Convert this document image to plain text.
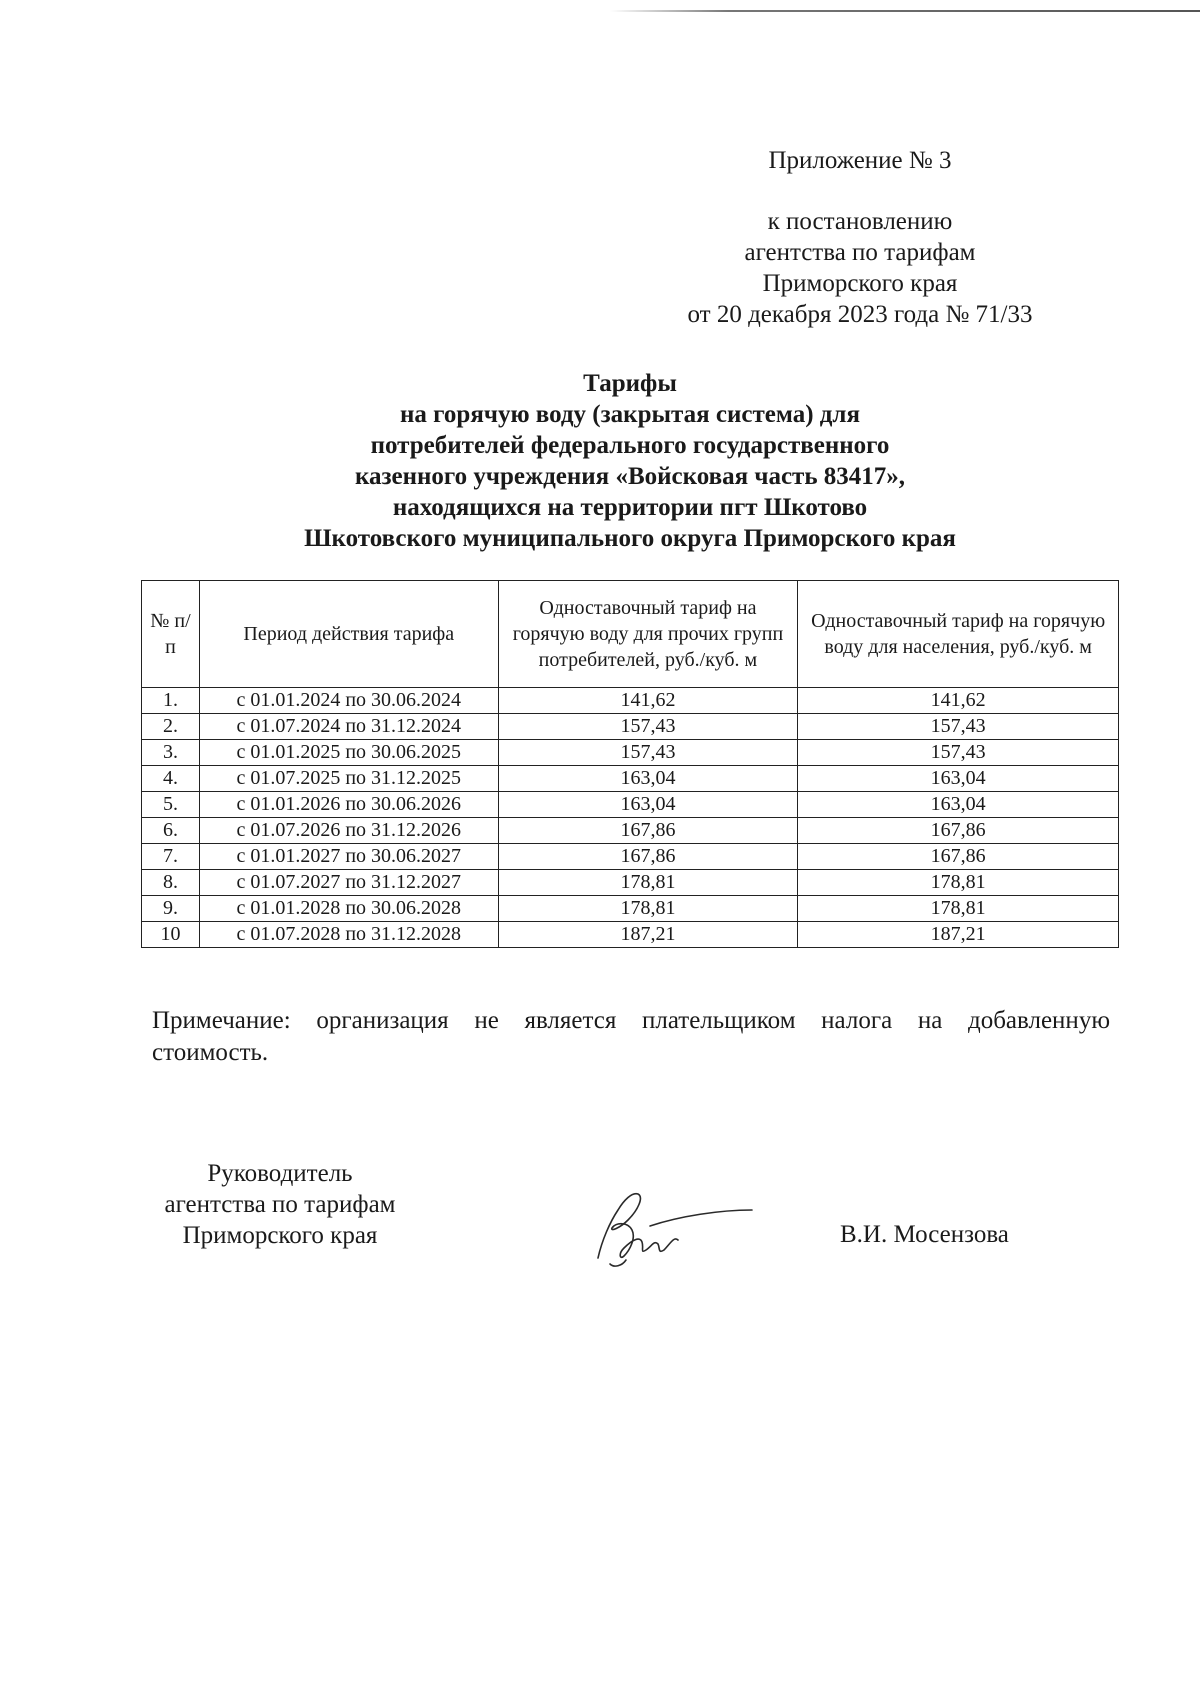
Приложение № 3
к постановлению
агентства по тарифам
Приморского края
от 20 декабря 2023 года № 71/33
Тарифы
на горячую воду (закрытая система) для
потребителей федерального государственного
казенного учреждения «Войсковая часть 83417»,
находящихся на территории пгт Шкотово
Шкотовского муниципального округа Приморского края
№ п/п	Период действия тарифа	Одноставочный тариф на горячую воду для прочих групп потребителей, руб./куб. м	Одноставочный тариф на горячую воду для населения, руб./куб. м
1.	с 01.01.2024 по 30.06.2024	141,62	141,62
2.	с 01.07.2024 по 31.12.2024	157,43	157,43
3.	с 01.01.2025 по 30.06.2025	157,43	157,43
4.	с 01.07.2025 по 31.12.2025	163,04	163,04
5.	с 01.01.2026 по 30.06.2026	163,04	163,04
6.	с 01.07.2026 по 31.12.2026	167,86	167,86
7.	с 01.01.2027 по 30.06.2027	167,86	167,86
8.	с 01.07.2027 по 31.12.2027	178,81	178,81
9.	с 01.01.2028 по 30.06.2028	178,81	178,81
10	с 01.07.2028 по 31.12.2028	187,21	187,21
Примечание: организация не является плательщиком налога на добавленную
стоимость.
Руководитель
агентства по тарифам
Приморского края	В.И. Мосензова
